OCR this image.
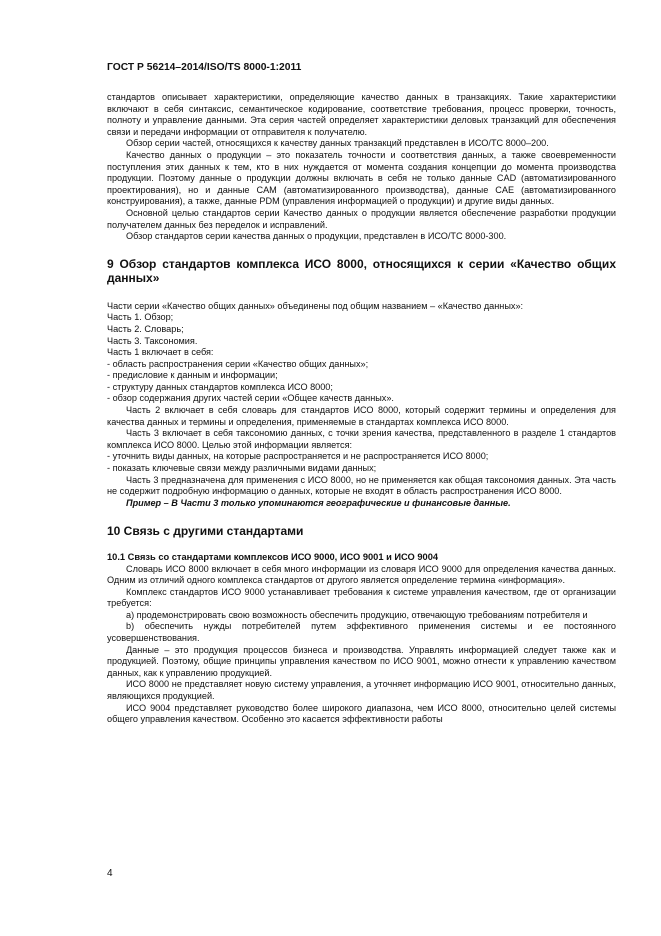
ГОСТ Р 56214–2014/ISO/TS 8000-1:2011

стандартов описывает характеристики, определяющие качество данных в транзакциях. Такие характеристики включают в себя синтаксис, семантическое кодирование, соответствие требования, процесс проверки, точность, полноту и управление данными. Эта серия частей определяет характеристики деловых транзакций для обеспечения связи и передачи информации от отправителя к получателю.

Обзор серии частей, относящихся к качеству данных транзакций представлен в ИСО/ТС 8000–200.

Качество данных о продукции – это показатель точности и соответствия данных, а также своевременности поступления этих данных к тем, кто в них нуждается от момента создания концепции до момента производства продукции. Поэтому данные о продукции должны включать в себя не только данные CAD (автоматизированного проектирования), но и данные CAM (автоматизированного производства), данные CAE (автоматизированного конструирования), а также, данные PDM (управления информацией о продукции) и другие виды данных.

Основной целью стандартов серии Качество данных о продукции является обеспечение разработки продукции получателем данных без переделок и исправлений.

Обзор стандартов серии качества данных о продукции, представлен в ИСО/ТС 8000-300.

9 Обзор стандартов комплекса ИСО 8000, относящихся к серии «Качество общих данных»

Части серии «Качество общих данных» объединены под общим названием – «Качество данных»:

Часть 1. Обзор;

Часть 2. Словарь;

Часть 3. Таксономия.

Часть 1 включает в себя:

- область распространения серии «Качество общих данных»;

- предисловие к данным и информации;

- структуру данных стандартов комплекса ИСО 8000;

- обзор содержания других частей серии «Общее качеств данных».

Часть 2 включает в себя словарь для стандартов ИСО 8000, который содержит термины и определения для качества данных и термины и определения, применяемые в стандартах комплекса ИСО 8000.

Часть 3 включает в себя таксономию данных, с точки зрения качества, представленного в разделе 1 стандартов комплекса ИСО 8000. Целью этой информации является:

- уточнить виды данных, на которые распространяется и не распространяется ИСО 8000;

- показать ключевые связи между различными видами данных;

Часть 3 предназначена для применения с ИСО 8000, но не применяется как общая таксономия данных. Эта часть не содержит подробную информацию о данных, которые не входят в область распространения ИСО 8000.

Пример – В Части 3 только упоминаются географические и финансовые данные.

10 Связь с другими стандартами

10.1 Связь со стандартами комплексов ИСО 9000, ИСО 9001 и ИСО 9004

Словарь ИСО 8000 включает в себя много информации из словаря ИСО 9000 для определения качества данных. Одним из отличий одного комплекса стандартов от другого является определение термина «информация».

Комплекс стандартов ИСО 9000 устанавливает требования к системе управления качеством, где от организации требуется:

а) продемонстрировать свою возможность обеспечить продукцию, отвечающую требованиям потребителя и

b) обеспечить нужды потребителей путем эффективного применения системы и ее постоянного усовершенствования.

Данные – это продукция процессов бизнеса и производства. Управлять информацией следует также как и продукцией. Поэтому, общие принципы управления качеством по ИСО 9001, можно отнести к управлению качеством данных, как к управлению продукцией.

ИСО 8000 не представляет новую систему управления, а уточняет информацию ИСО 9001, относительно данных, являющихся продукцией.

ИСО 9004 представляет руководство более широкого диапазона, чем ИСО 8000, относительно целей системы общего управления качеством. Особенно это касается эффективности работы

4
